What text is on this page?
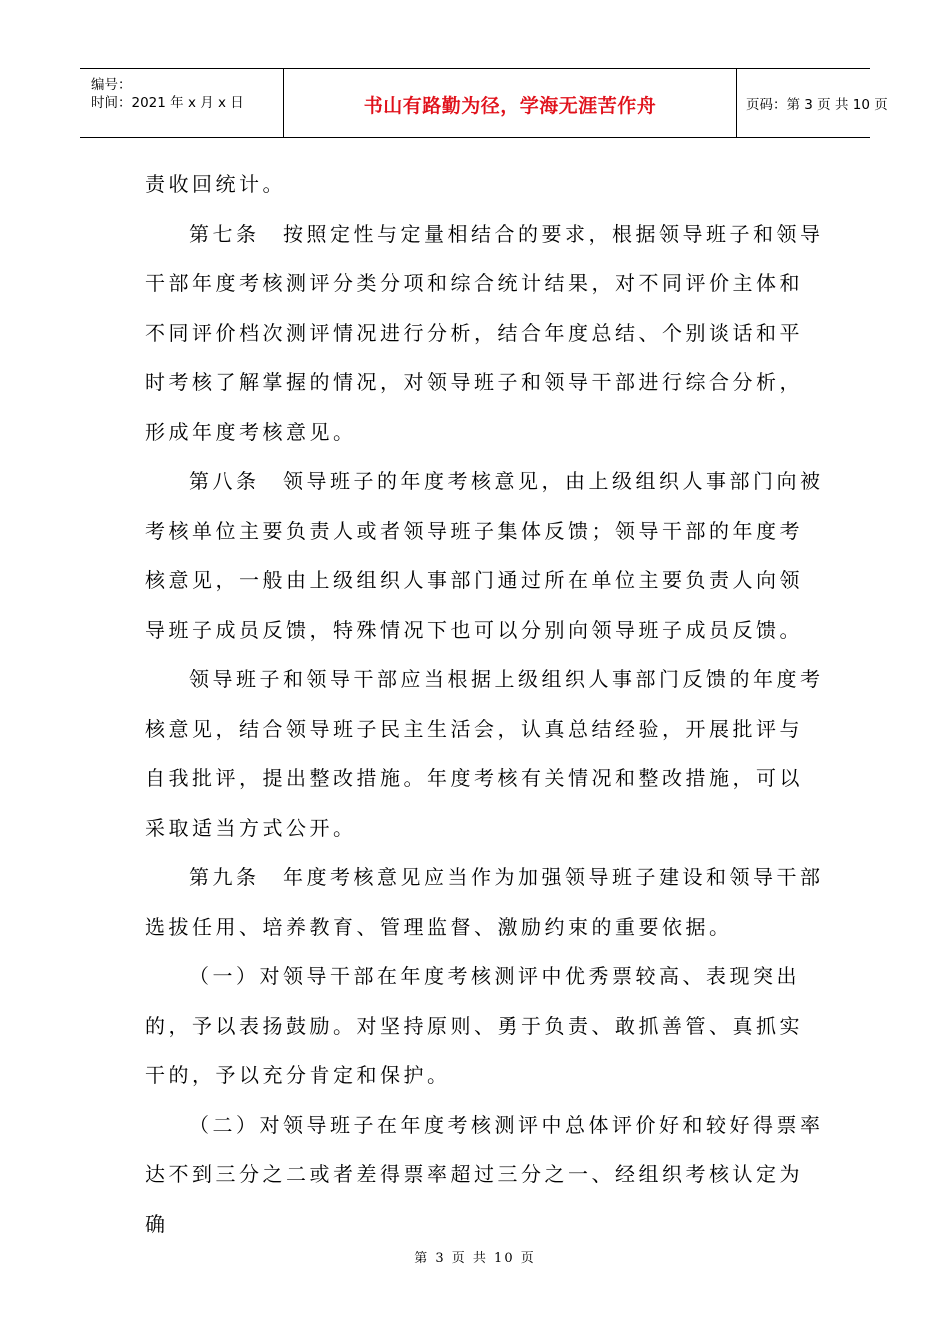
编号：
时间：2021 年 x 月 x 日	书山有路勤为径，学海无涯苦作舟	页码：第 3 页 共 10 页

责收回统计。

第七条　按照定性与定量相结合的要求，根据领导班子和领导干部年度考核测评分类分项和综合统计结果，对不同评价主体和不同评价档次测评情况进行分析，结合年度总结、个别谈话和平时考核了解掌握的情况，对领导班子和领导干部进行综合分析，形成年度考核意见。

第八条　领导班子的年度考核意见，由上级组织人事部门向被考核单位主要负责人或者领导班子集体反馈；领导干部的年度考核意见，一般由上级组织人事部门通过所在单位主要负责人向领导班子成员反馈，特殊情况下也可以分别向领导班子成员反馈。

领导班子和领导干部应当根据上级组织人事部门反馈的年度考核意见，结合领导班子民主生活会，认真总结经验，开展批评与自我批评，提出整改措施。年度考核有关情况和整改措施，可以采取适当方式公开。

第九条　年度考核意见应当作为加强领导班子建设和领导干部选拔任用、培养教育、管理监督、激励约束的重要依据。

（一）对领导干部在年度考核测评中优秀票较高、表现突出的，予以表扬鼓励。对坚持原则、勇于负责、敢抓善管、真抓实干的，予以充分肯定和保护。

（二）对领导班子在年度考核测评中总体评价好和较好得票率达不到三分之二或者差得票率超过三分之一、经组织考核认定为确

第 3 页 共 10 页
